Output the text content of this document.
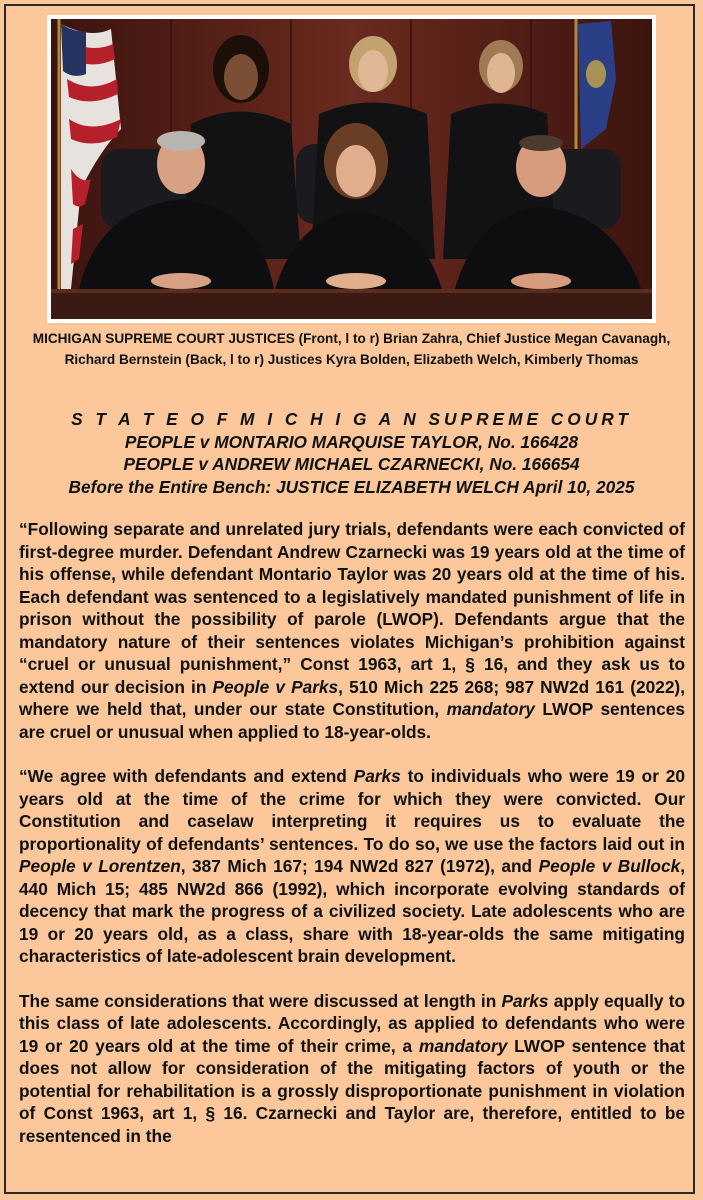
MICHIGAN SUPREME COURT JUSTICES (Front, l to r) Brian Zahra, Chief Justice Megan Cavanagh, Richard Bernstein (Back, l to r) Justices Kyra Bolden, Elizabeth Welch, Kimberly Thomas
S T A T E O F M I C H I G A N SUPREME COURT
PEOPLE v MONTARIO MARQUISE TAYLOR, No. 166428
PEOPLE v ANDREW MICHAEL CZARNECKI, No. 166654
Before the Entire Bench: JUSTICE ELIZABETH WELCH April 10, 2025

“Following separate and unrelated jury trials, defendants were each convicted of first-degree murder. Defendant Andrew Czarnecki was 19 years old at the time of his offense, while defendant Montario Taylor was 20 years old at the time of his. Each defendant was sentenced to a legislatively mandated punishment of life in prison without the possibility of parole (LWOP). Defendants argue that the mandatory nature of their sentences violates Michigan’s prohibition against “cruel or unusual punishment,” Const 1963, art 1, § 16, and they ask us to extend our decision in People v Parks, 510 Mich 225 268; 987 NW2d 161 (2022), where we held that, under our state Constitution, mandatory LWOP sentences are cruel or unusual when applied to 18-year-olds.

“We agree with defendants and extend Parks to individuals who were 19 or 20 years old at the time of the crime for which they were convicted. Our Constitution and caselaw interpreting it requires us to evaluate the proportionality of defendants’ sentences. To do so, we use the factors laid out in People v Lorentzen, 387 Mich 167; 194 NW2d 827 (1972), and People v Bullock, 440 Mich 15; 485 NW2d 866 (1992), which incorporate evolving standards of decency that mark the progress of a civilized society. Late adolescents who are 19 or 20 years old, as a class, share with 18-year-olds the same mitigating characteristics of late-adolescent brain development.

The same considerations that were discussed at length in Parks apply equally to this class of late adolescents. Accordingly, as applied to defendants who were 19 or 20 years old at the time of their crime, a mandatory LWOP sentence that does not allow for consideration of the mitigating factors of youth or the potential for rehabilitation is a grossly disproportionate punishment in violation of Const 1963, art 1, § 16. Czarnecki and Taylor are, therefore, entitled to be resentenced in the
